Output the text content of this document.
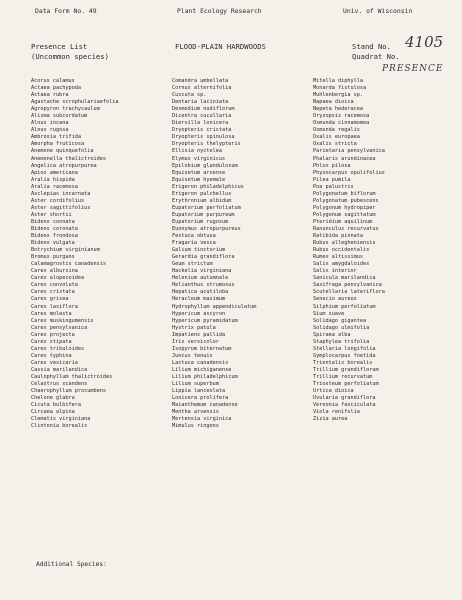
Data Form No. 49	Plant Ecology Research	Univ. of Wisconsin
Presence List
(Uncommon species)
FLOOD-PLAIN HARDWOODS	Stand No. 4105
Quadrat No.
PRESENCE
Acorus calamus
Actaea pachypoda
Actaea rubra
Agastache scrophulariaefolia
Agropyron trachycaulum
Alisma subcordatum
Alnus incana
Alnus rugosa
Ambrosia trifida
Amorpha fruticosa
Anemone quinquefolia
Anemonella thalictroides
Angelica atropurpurea
Apios americana
Aralia hispida
Aralia racemosa
Asclepias incarnata
Aster cordifolius
Aster sagittifolius
Aster shortii
Bidens connata
Bidens coronata
Bidens frondosa
Bidens vulgata
Botrychium virginianum
Bromus purgans
Calamagrostis canadensis
Carex albursina
Carex alopecoidea
Carex convoluta
Carex cristata
Carex grisea
Carex laxiflora
Carex molesta
Carex muskingumensis
Carex pensylvanica
Carex projecta
Carex stipata
Carex tribuloides
Carex typhina
Carex vesicaria
Cassia marilandica
Caulophyllum thalictroides
Celastrus scandens
Chaerophyllum procumbens
Chelone glabra
Cicuta bulbifera
Circaea alpina
Clematis virginiana
Clintonia borealis
Comandra umbellata
Cornus alternifolia
Cuscuta sp.
Dentaria laciniata
Desmodium nudiflorum
Dicentra cucullaria
Diervilla lonicera
Dryopteris cristata
Dryopteris spinulosa
Dryopteris thelypteris
Ellisia nyctelea
Elymus virginicus
Epilobium glandulosum
Equisetum arvense
Equisetum hyemale
Erigeron philadelphicus
Erigeron pulchellus
Erythronium albidum
Eupatorium perfoliatum
Eupatorium purpureum
Eupatorium rugosum
Euonymus atropurpureus
Festuca obtusa
Fragaria vesca
Galium tinctorium
Gerardia grandiflora
Geum strictum
Hackelia virginiana
Helenium autumnale
Helianthus strumosus
Hepatica acutiloba
Heracleum maximum
Hydrophyllum appendiculatum
Hypericum ascyron
Hypericum pyramidatum
Hystrix patula
Impatiens pallida
Iris versicolor
Isopyrum biternatum
Juncus tenuis
Lactuca canadensis
Lilium michiganense
Lilium philadelphicum
Lilium superbum
Lippia lanceolata
Lonicera prolifera
Maianthemum canadense
Mentha arvensis
Mertensia virginica
Mimulus ringens
Mitella diphylla
Monarda fistulosa
Muhlenbergia sp.
Napaea dioica
Nepeta hederacea
Oryzopsis racemosa
Osmunda cinnamomea
Osmunda regalis
Oxalis europaea
Oxalis stricta
Parietaria pensylvanica
Phalaris arundinacea
Phlox pilosa
Physocarpus opulifolius
Pilea pumila
Poa palustris
Polygonatum biflorum
Polygonatum pubescens
Polygonum hydropiper
Polygonum sagittatum
Pteridium aquilinum
Ranunculus recurvatus
Ratibida pinnata
Rubus allegheniensis
Rubus occidentalis
Rumex altissimus
Salix amygdaloides
Salix interior
Sanicula marilandica
Saxifraga pensylvanica
Scutellaria lateriflora
Senecio aureus
Silphium perfoliatum
Sium suave
Solidago gigantea
Solidago ulmifolia
Spiraea alba
Staphylea trifolia
Stellaria longifolia
Symplocarpus foetida
Trientalis borealis
Trillium grandiflorum
Trillium recurvatum
Triosteum perfoliatum
Urtica dioica
Uvularia grandiflora
Vernonia fasciculata
Viola renifolia
Zizia aurea
Additional Species:
